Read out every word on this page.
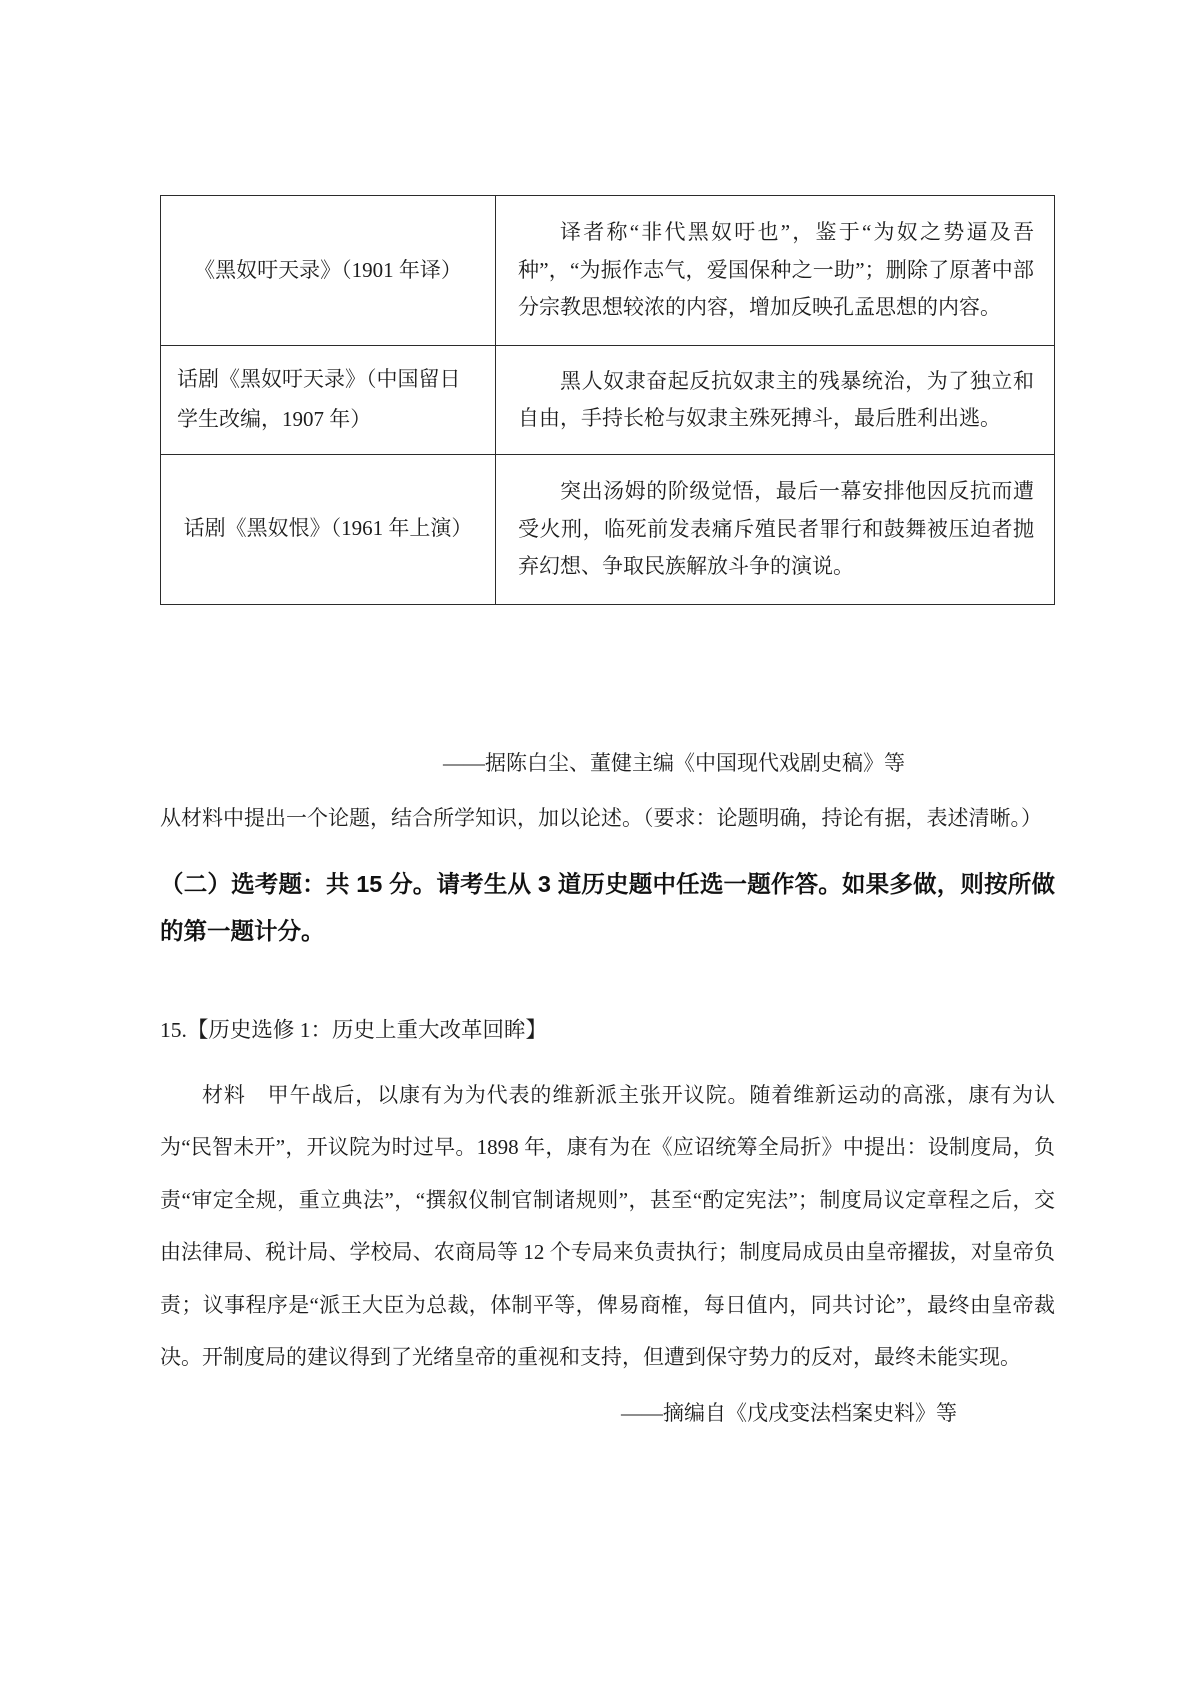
《黑奴吁天录》（1901 年译）	译者称“非代黑奴吁也”，鉴于“为奴之势逼及吾种”，“为振作志气，爱国保种之一助”；删除了原著中部分宗教思想较浓的内容，增加反映孔孟思想的内容。
话剧《黑奴吁天录》（中国留日学生改编，1907 年）	黑人奴隶奋起反抗奴隶主的残暴统治，为了独立和自由，手持长枪与奴隶主殊死搏斗，最后胜利出逃。
话剧《黑奴恨》（1961 年上演）	突出汤姆的阶级觉悟，最后一幕安排他因反抗而遭受火刑，临死前发表痛斥殖民者罪行和鼓舞被压迫者抛弃幻想、争取民族解放斗争的演说。

——据陈白尘、董健主编《中国现代戏剧史稿》等

从材料中提出一个论题，结合所学知识，加以论述。（要求：论题明确，持论有据，表述清晰。）

（二）选考题：共 15 分。请考生从 3 道历史题中任选一题作答。如果多做，则按所做的第一题计分。

15.【历史选修 1：历史上重大改革回眸】

材料　甲午战后，以康有为为代表的维新派主张开议院。随着维新运动的高涨，康有为认为“民智未开”，开议院为时过早。1898 年，康有为在《应诏统筹全局折》中提出：设制度局，负责“审定全规，重立典法”，“撰叙仪制官制诸规则”，甚至“酌定宪法”；制度局议定章程之后，交由法律局、税计局、学校局、农商局等 12 个专局来负责执行；制度局成员由皇帝擢拔，对皇帝负责；议事程序是“派王大臣为总裁，体制平等，俾易商榷，每日值内，同共讨论”，最终由皇帝裁决。开制度局的建议得到了光绪皇帝的重视和支持，但遭到保守势力的反对，最终未能实现。

——摘编自《戊戌变法档案史料》等
